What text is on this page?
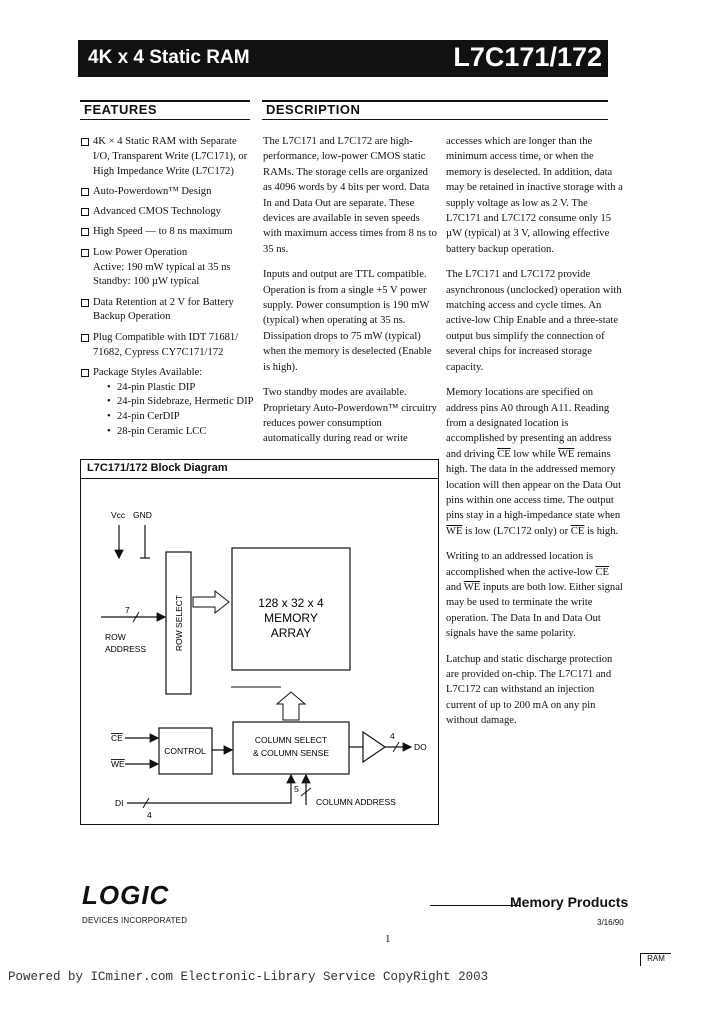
4K x 4 Static RAM	L7C171/172
FEATURES
4K × 4 Static RAM with Separate I/O, Transparent Write (L7C171), or High Impedance Write (L7C172)
Auto-Powerdown™ Design
Advanced CMOS Technology
High Speed — to 8 ns maximum
Low Power Operation
Active: 190 mW typical at 35 ns
Standby: 100 µW typical
Data Retention at 2 V for Battery Backup Operation
Plug Compatible with IDT 71681/ 71682, Cypress CY7C171/172
Package Styles Available:
• 24-pin Plastic DIP
• 24-pin Sidebraze, Hermetic DIP
• 24-pin CerDIP
• 28-pin Ceramic LCC
DESCRIPTION

The L7C171 and L7C172 are high-performance, low-power CMOS static RAMs. The storage cells are organized as 4096 words by 4 bits per word. Data In and Data Out are separate. These devices are available in seven speeds with maximum access times from 8 ns to 35 ns.

Inputs and output are TTL compatible. Operation is from a single +5 V power supply. Power consumption is 190 mW (typical) when operating at 35 ns. Dissipation drops to 75 mW (typical) when the memory is deselected (Enable is high).

Two standby modes are available. Proprietary Auto-Powerdown™ circuitry reduces power consumption automatically during read or write

accesses which are longer than the minimum access time, or when the memory is deselected. In addition, data may be retained in inactive storage with a supply voltage as low as 2 V. The L7C171 and L7C172 consume only 15 µW (typical) at 3 V, allowing effective battery backup operation.

The L7C171 and L7C172 provide asynchronous (unclocked) operation with matching access and cycle times. An active-low Chip Enable and a three-state output bus simplify the connection of several chips for increased storage capacity.

Memory locations are specified on address pins A0 through A11. Reading from a designated location is accomplished by presenting an address and driving $\overline{CE}$ low while $\overline{WE}$ remains high. The data in the addressed memory location will then appear on the Data Out pins within one access time. The output pins stay in a high-impedance state when $\overline{WE}$ is low (L7C172 only) or $\overline{CE}$ is high.

Writing to an addressed location is accomplished when the active-low $\overline{CE}$ and $\overline{WE}$ inputs are both low. Either signal may be used to terminate the write operation. The Data In and Data Out signals have the same polarity.

Latchup and static discharge protection are provided on-chip. The L7C171 and L7C172 can withstand an injection current of up to 200 mA on any pin without damage.

L7C171/172 Block Diagram
Vcc GND
ROW SELECT
7
ROW
ADDRESS
128 x 32 x 4
MEMORY
ARRAY
CONTROL
CE
WE
COLUMN SELECT
& COLUMN SENSE
4
DO
DI
4
5
COLUMN ADDRESS
LOGIC
DEVICES INCORPORATED
Memory Products
3/16/90
1
RAM
Powered by ICminer.com Electronic-Library Service CopyRight 2003
